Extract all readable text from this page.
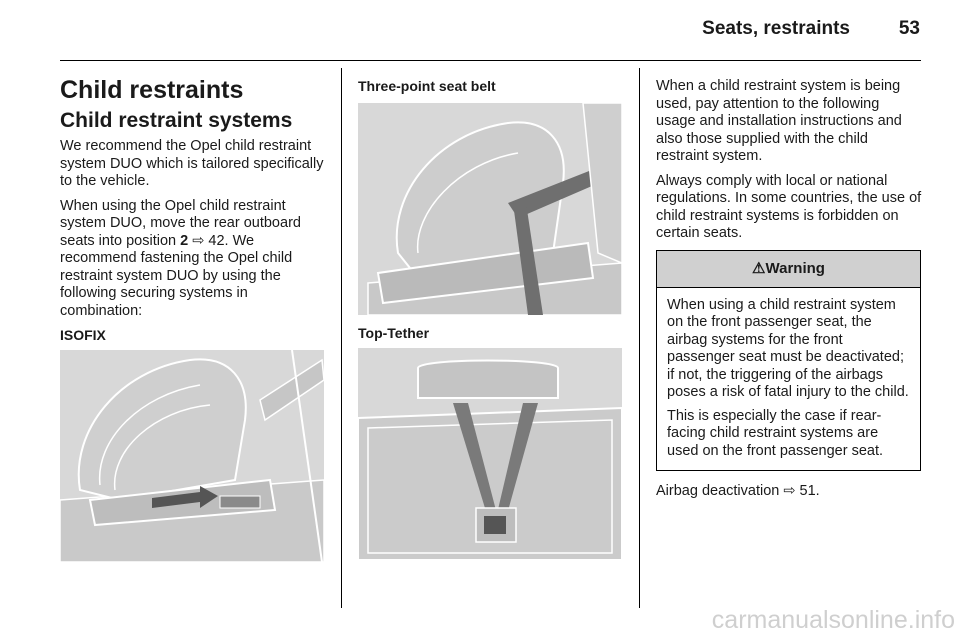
Seats, restraints	53
Child restraints
Child restraint systems

We recommend the Opel child restraint system DUO which is tailored specifically to the vehicle.

When using the Opel child restraint system DUO, move the rear outboard seats into position 2 ⇨ 42. We recommend fastening the Opel child restraint system DUO by using the following securing systems in combination:

ISOFIX
Three-point seat belt
Top-Tether

When a child restraint system is being used, pay attention to the following usage and installation instructions and also those supplied with the child restraint system.

Always comply with local or national regulations. In some countries, the use of child restraint systems is forbidden on certain seats.

⚠Warning

When using a child restraint system on the front passenger seat, the airbag systems for the front passenger seat must be deactivated; if not, the triggering of the airbags poses a risk of fatal injury to the child.

This is especially the case if rear-facing child restraint systems are used on the front passenger seat.

Airbag deactivation ⇨ 51.

carmanualsonline.info
